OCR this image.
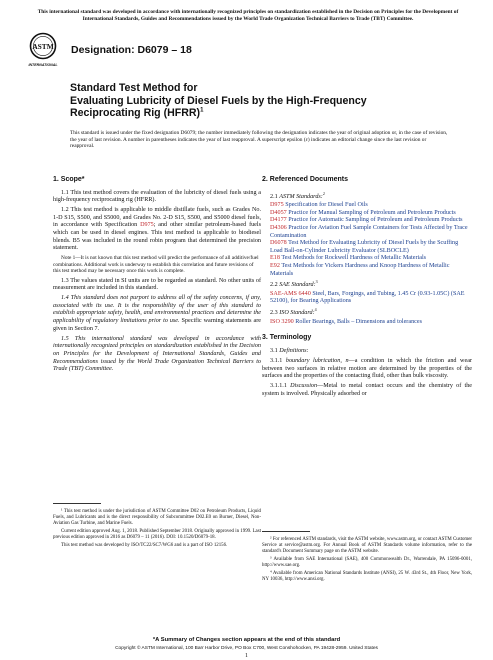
This international standard was developed in accordance with internationally recognized principles on standardization established in the Decision on Principles for the Development of International Standards, Guides and Recommendations issued by the World Trade Organization Technical Barriers to Trade (TBT) Committee.
ASTM
INTERNATIONAL
Designation: D6079 – 18
Standard Test Method for
Evaluating Lubricity of Diesel Fuels by the High-Frequency
Reciprocating Rig (HFRR)$^1$
This standard is issued under the fixed designation D6079; the number immediately following the designation indicates the year of original adoption or, in the case of revision, the year of last revision. A number in parentheses indicates the year of last reapproval. A superscript epsilon (ε) indicates an editorial change since the last revision or reapproval.
1. Scope*

1.1 This test method covers the evaluation of the lubricity of diesel fuels using a high-frequency reciprocating rig (HFRR).

1.2 This test method is applicable to middle distillate fuels, such as Grades No. 1-D S15, S500, and S5000, and Grades No. 2-D S15, S500, and S5000 diesel fuels, in accordance with Specification D975; and other similar petroleum-based fuels which can be used in diesel engines. This test method is applicable to biodiesel blends. B5 was included in the round robin program that determined the precision statement.

Note 1—It is not known that this test method will predict the performance of all additive/fuel combinations. Additional work is underway to establish this correlation and future revisions of this test method may be necessary once this work is complete.

1.3 The values stated in SI units are to be regarded as standard. No other units of measurement are included in this standard.

1.4 This standard does not purport to address all of the safety concerns, if any, associated with its use. It is the responsibility of the user of this standard to establish appropriate safety, health, and environmental practices and determine the applicability of regulatory limitations prior to use. Specific warning statements are given in Section 7.

1.5 This international standard was developed in accordance with internationally recognized principles on standardization established in the Decision on Principles for the Development of International Standards, Guides and Recommendations issued by the World Trade Organization Technical Barriers to Trade (TBT) Committee.

¹ This test method is under the jurisdiction of ASTM Committee D02 on Petroleum Products, Liquid Fuels, and Lubricants and is the direct responsibility of Subcommittee D02.E0 on Burner, Diesel, Non-Aviation Gas Turbine, and Marine Fuels.

Current edition approved Aug. 1, 2018. Published September 2018. Originally approved in 1999. Last previous edition approved in 2016 as D6079 – 11 (2016). DOI: 10.1520/D6079-18.

This test method was developed by ISO/TC22/SC7/WG6 and is a part of ISO 12156.

2. Referenced Documents

2.1 ASTM Standards:$^2$

D975 Specification for Diesel Fuel Oils
D4057 Practice for Manual Sampling of Petroleum and Petroleum Products
D4177 Practice for Automatic Sampling of Petroleum and Petroleum Products
D4306 Practice for Aviation Fuel Sample Containers for Tests Affected by Trace Contamination
D6078 Test Method for Evaluating Lubricity of Diesel Fuels by the Scuffing Load Ball-on-Cylinder Lubricity Evaluator (SLBOCLE)
E18 Test Methods for Rockwell Hardness of Metallic Materials
E92 Test Methods for Vickers Hardness and Knoop Hardness of Metallic Materials

2.2 SAE Standard:$^3$

SAE-AMS 6440 Steel, Bars, Forgings, and Tubing, 1.45 Cr (0.93-1.05C) (SAE 52100), for Bearing Applications

2.3 ISO Standard:$^4$

ISO 3290 Roller Bearings, Balls – Dimensions and tolerances
3. Terminology

3.1 Definitions:

3.1.1 boundary lubrication, n—a condition in which the friction and wear between two surfaces in relative motion are determined by the properties of the surfaces and the properties of the contacting fluid, other than bulk viscosity.

3.1.1.1 Discussion—Metal to metal contact occurs and the chemistry of the system is involved. Physically adsorbed or

² For referenced ASTM standards, visit the ASTM website, www.astm.org, or contact ASTM Customer Service at service@astm.org. For Annual Book of ASTM Standards volume information, refer to the standard's Document Summary page on the ASTM website.

³ Available from SAE International (SAE), 400 Commonwealth Dr., Warrendale, PA 15096-0001, http://www.sae.org.

⁴ Available from American National Standards Institute (ANSI), 25 W. 43rd St., 4th Floor, New York, NY 10036, http://www.ansi.org.

*A Summary of Changes section appears at the end of this standard
Copyright © ASTM International, 100 Barr Harbor Drive, PO Box C700, West Conshohocken, PA 19428-2959. United States
1
